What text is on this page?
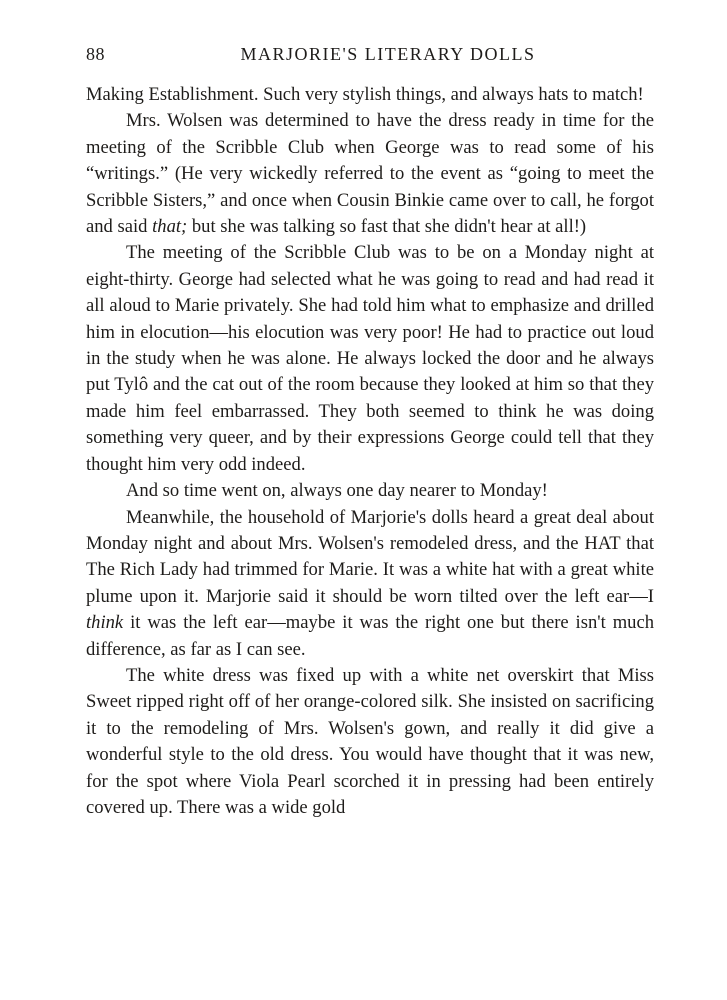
88	MARJORIE'S LITERARY DOLLS

Making Establishment. Such very stylish things, and always hats to match!

Mrs. Wolsen was determined to have the dress ready in time for the meeting of the Scribble Club when George was to read some of his “writings.” (He very wickedly referred to the event as “going to meet the Scribble Sisters,” and once when Cousin Binkie came over to call, he forgot and said that; but she was talking so fast that she didn't hear at all!)

The meeting of the Scribble Club was to be on a Monday night at eight-thirty. George had selected what he was going to read and had read it all aloud to Marie privately. She had told him what to emphasize and drilled him in elocution—his elocution was very poor! He had to practice out loud in the study when he was alone. He always locked the door and he always put Tylô and the cat out of the room because they looked at him so that they made him feel embarrassed. They both seemed to think he was doing something very queer, and by their expressions George could tell that they thought him very odd indeed.

And so time went on, always one day nearer to Monday!

Meanwhile, the household of Marjorie's dolls heard a great deal about Monday night and about Mrs. Wolsen's remodeled dress, and the HAT that The Rich Lady had trimmed for Marie. It was a white hat with a great white plume upon it. Marjorie said it should be worn tilted over the left ear—I think it was the left ear—maybe it was the right one but there isn't much difference, as far as I can see.

The white dress was fixed up with a white net overskirt that Miss Sweet ripped right off of her orange-colored silk. She insisted on sacrificing it to the remodeling of Mrs. Wolsen's gown, and really it did give a wonderful style to the old dress. You would have thought that it was new, for the spot where Viola Pearl scorched it in pressing had been entirely covered up. There was a wide gold
